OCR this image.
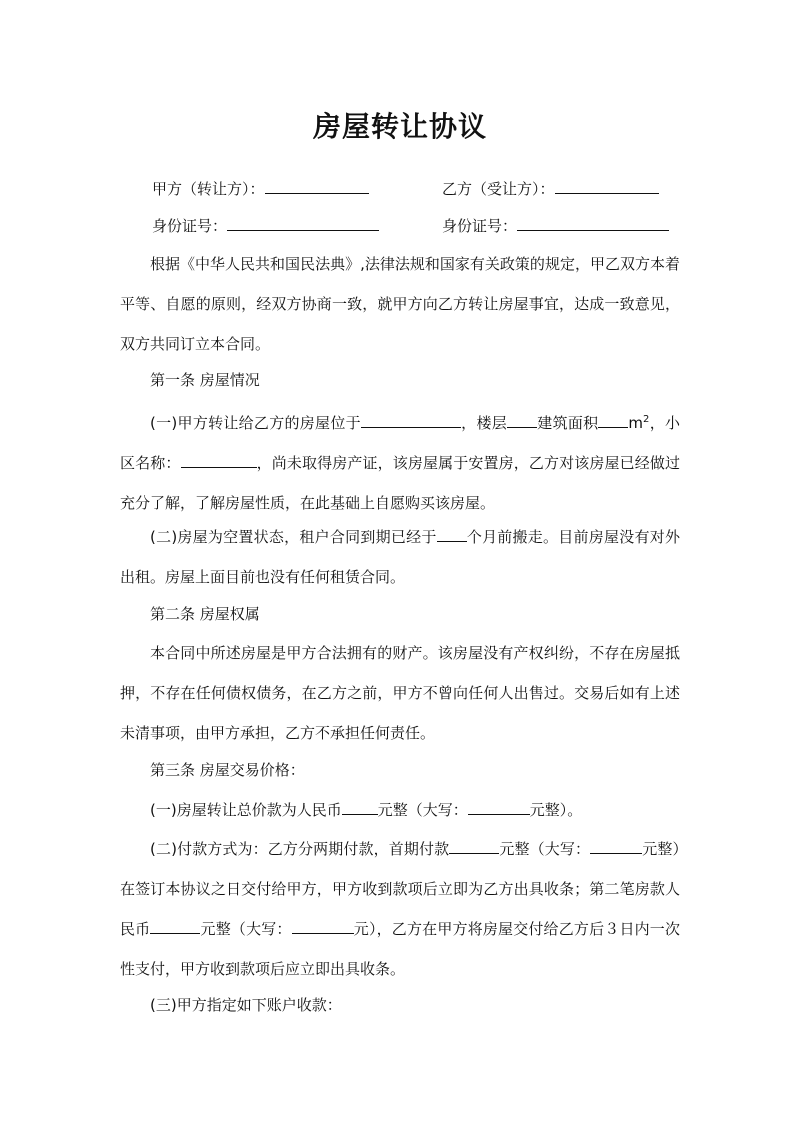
房屋转让协议
甲方（转让方）：	乙方（受让方）：
身份证号：	身份证号：
根据《中华人民共和国民法典》,法律法规和国家有关政策的规定，甲乙双方本着平等、自愿的原则，经双方协商一致，就甲方向乙方转让房屋事宜，达成一致意见，双方共同订立本合同。
第一条 房屋情况
(一)甲方转让给乙方的房屋位于	，楼层 建筑面积 $m^2$，小区名称：	，尚未取得房产证，该房屋属于安置房，乙方对该房屋已经做过充分了解，了解房屋性质，在此基础上自愿购买该房屋。
(二)房屋为空置状态，租户合同到期已经于 个月前搬走。目前房屋没有对外出租。房屋上面目前也没有任何租赁合同。
第二条 房屋权属
本合同中所述房屋是甲方合法拥有的财产。该房屋没有产权纠纷，不存在房屋抵押，不存在任何债权债务，在乙方之前，甲方不曾向任何人出售过。交易后如有上述未清事项，由甲方承担，乙方不承担任何责任。
第三条 房屋交易价格：
(一)房屋转让总价款为人民币 元整（大写：	元整）。
(二)付款方式为：乙方分两期付款，首期付款	元整（大写：	元整）在签订本协议之日交付给甲方，甲方收到款项后立即为乙方出具收条；第二笔房款人民币	元整（大写：	元），乙方在甲方将房屋交付给乙方后３日内一次性支付，甲方收到款项后应立即出具收条。
(三)甲方指定如下账户收款：
